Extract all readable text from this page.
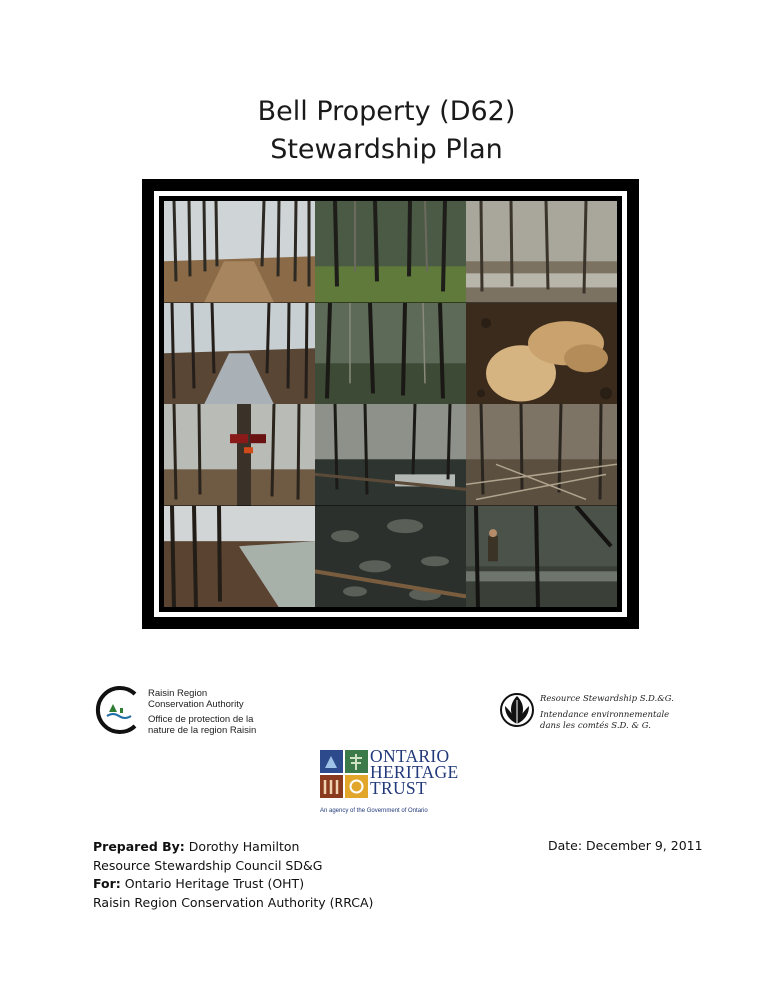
Bell Property (D62)
Stewardship Plan
Raisin Region
Conservation Authority
Office de protection de la
nature de la region Raisin
Resource Stewardship S.D.&G.
Intendance environnementale
dans les comtés S.D. & G.
ONTARIO
HERITAGE
TRUST
An agency of the Government of Ontario
Prepared By: Dorothy Hamilton
Resource Stewardship Council SD&G
For: Ontario Heritage Trust (OHT)
Raisin Region Conservation Authority (RRCA)
Date: December 9, 2011
